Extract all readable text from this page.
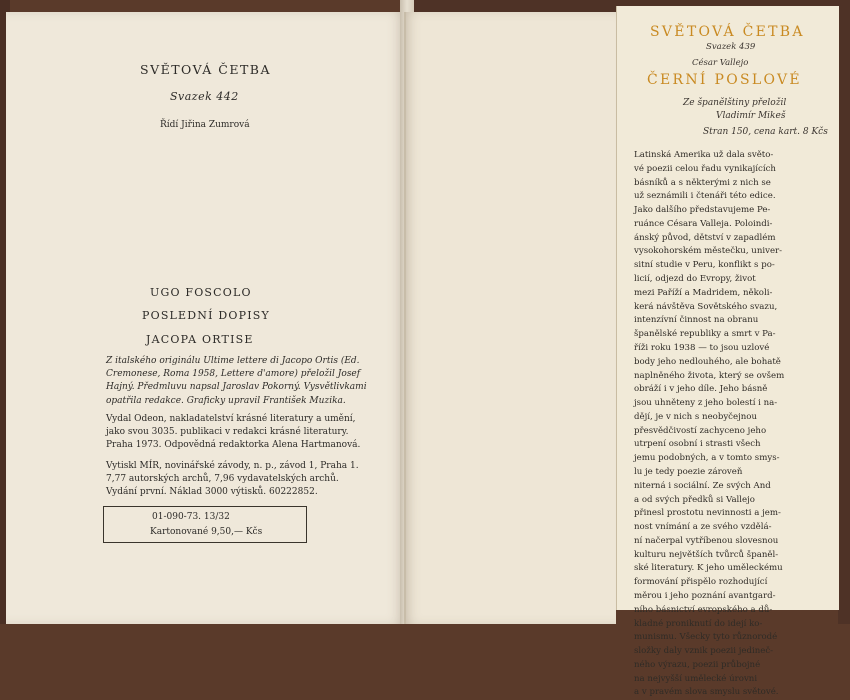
SVĚTOVÁ ČETBA
Svazek 442
Řídí Jiřina Zumrová
UGO FOSCOLO
POSLEDNÍ DOPISY
JACOPA ORTISE
Z italského originálu Ultime lettere di Jacopo Ortis (Ed.
Cremonese, Roma 1958, Lettere d'amore) přeložil Josef
Hajný. Předmluvu napsal Jaroslav Pokorný. Vysvětlivkami
opatřila redakce. Graficky upravil František Muzika.
Vydal Odeon, nakladatelství krásné literatury a umění,
jako svou 3035. publikaci v redakci krásné literatury.
Praha 1973. Odpovědná redaktorka Alena Hartmanová.
Vytiskl MÍR, novinářské závody, n. p., závod 1, Praha 1.
7,77 autorských archů, 7,96 vydavatelských archů.
Vydání první. Náklad 3000 výtisků. 60222852.
01-090-73. 13/32
Kartonované 9,50,— Kčs
SVĚTOVÁ ČETBA
Svazek 439
César Vallejo
ČERNÍ POSLOVÉ
Ze španělštiny přeložil
Vladimír Mikeš
Stran 150, cena kart. 8 Kčs
Latinská Amerika už dala světo-
vé poezii celou řadu vynikajících
básníků a s některými z nich se
už seznámili i čtenáři této edice.
Jako dalšího představujeme Pe-
ruánce Césara Valleja. Poloindi-
ánský původ, dětství v zapadlém
vysokohorském městečku, univer-
sitní studie v Peru, konflikt s po-
licií, odjezd do Evropy, život
mezi Paříží a Madridem, několi-
kerá návštěva Sovětského svazu,
intenzívní činnost na obranu
španělské republiky a smrt v Pa-
říži roku 1938 — to jsou uzlové
body jeho nedlouhého, ale bohatě
naplněného života, který se ovšem
obráží i v jeho díle. Jeho básně
jsou uhněteny z jeho bolestí i na-
dějí, je v nich s neobyčejnou
přesvědčivostí zachyceno jeho
utrpení osobní i strasti všech
jemu podobných, a v tomto smys-
lu je tedy poezie zároveň
niterná i sociální. Ze svých And
a od svých předků si Vallejo
přinesl prostotu nevinnosti a jem-
nost vnímání a ze svého vzdělá-
ní načerpal vytříbenou slovesnou
kulturu největších tvůrců španěl-
ské literatury. K jeho uměleckému
formování přispělo rozhodující
měrou i jeho poznání avantgard-
ního básnictví evropského a dů-
kladné proniknutí do idejí ko-
munismu. Všecky tyto různorodé
složky daly vznik poezii jedineč-
ného výrazu, poezii průbojné
na nejvyšší umělecké úrovni
a v pravém slova smyslu světové.
